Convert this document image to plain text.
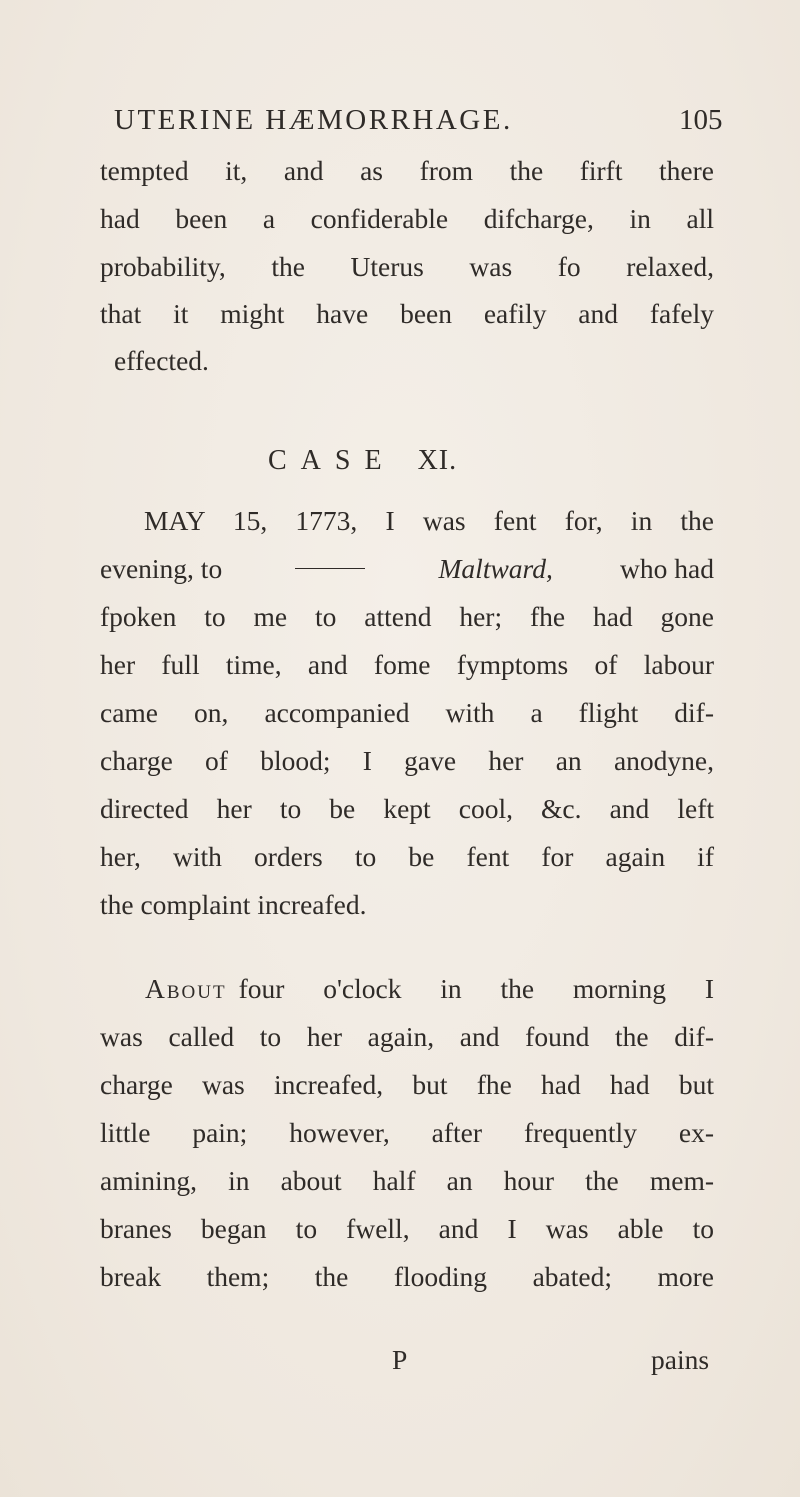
UTERINE HÆMORRHAGE.	105
tempted it, and as from the firft there
had been a confiderable difcharge, in all
probability, the Uterus was fo relaxed,
that it might have been eafily and fafely
effected.
CASE XI.
MAY 15, 1773, I was fent for, in the
evening, to	Maltward, who had
fpoken to me to attend her; fhe had gone
her full time, and fome fymptoms of labour
came on, accompanied with a flight dif-
charge of blood; I gave her an anodyne,
directed her to be kept cool, &c. and left
her, with orders to be fent for again if
the complaint increafed.
About four o'clock in the morning I
was called to her again, and found the dif-
charge was increafed, but fhe had had but
little pain; however, after frequently ex-
amining, in about half an hour the mem-
branes began to fwell, and I was able to
break them; the flooding abated; more
P	pains
